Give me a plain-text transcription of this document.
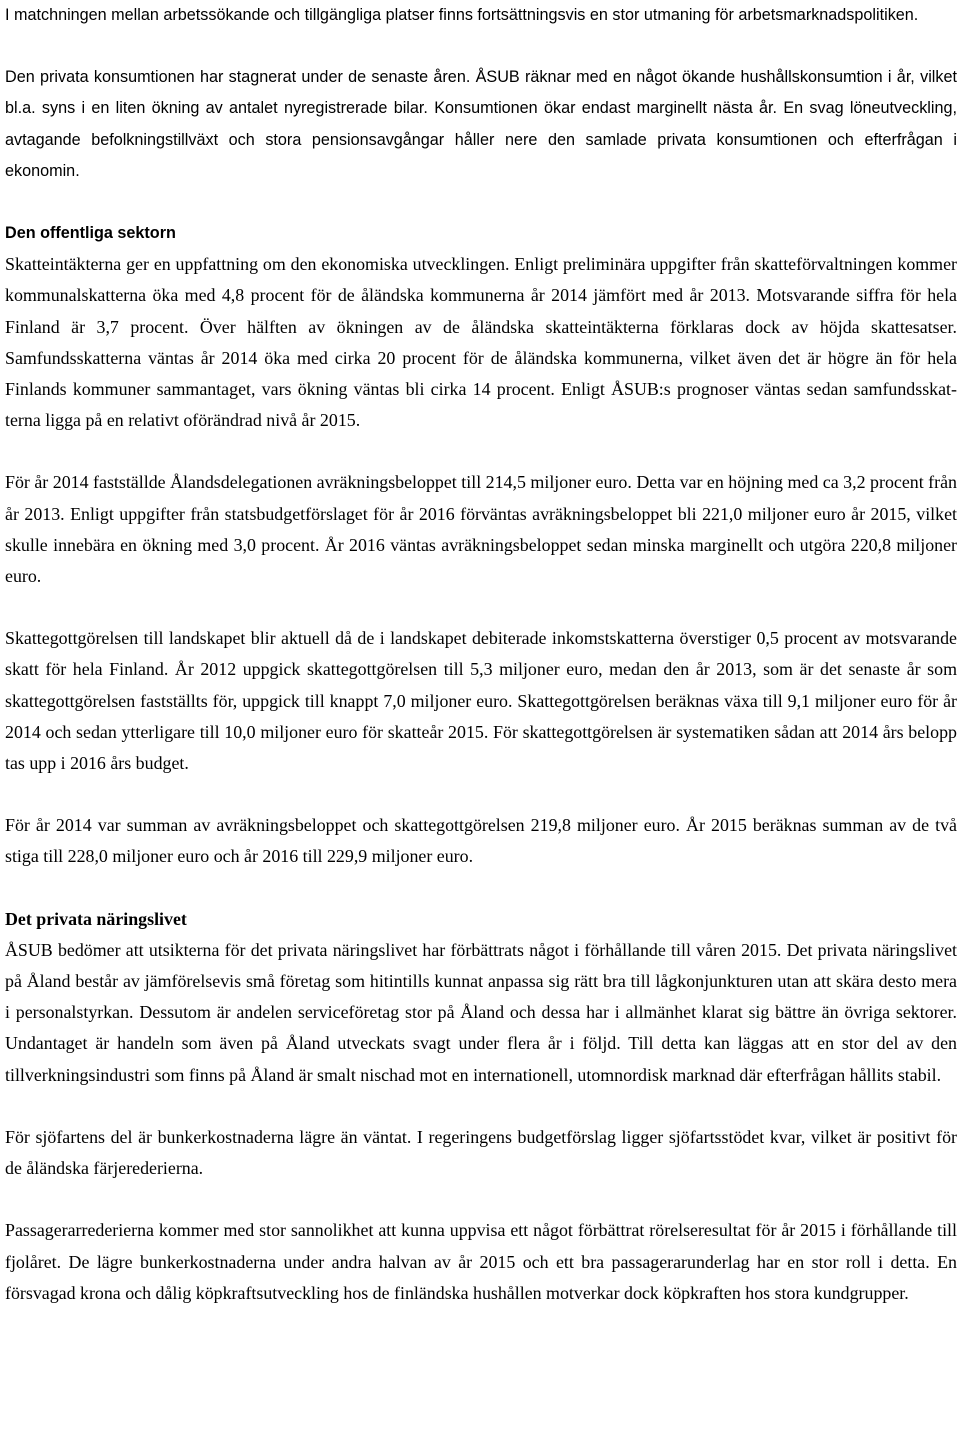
I matchningen mellan arbetssökande och tillgängliga platser finns fortsättningsvis en stor utmaning för arbetsmarknadspolitiken.

Den privata konsumtionen har stagnerat under de senaste åren. ÅSUB räknar med en något ökande hushållskonsumtion i år, vilket bl.a. syns i en liten ökning av antalet nyregistrerade bilar. Konsumtionen ökar endast marginellt nästa år. En svag löneutveckling, avtagande befolkningstillväxt och stora pensionsavgångar håller nere den samlade privata konsumtionen och efterfrågan i ekonomin.

Den offentliga sektorn

Skatteintäkterna ger en uppfattning om den ekonomiska utvecklingen. Enligt preliminära uppgifter från skatteförvaltningen kommer kommunalskatterna öka med 4,8 procent för de åländska kommunerna år 2014 jämfört med år 2013. Motsvarande siffra för hela Finland är 3,7 procent. Över hälften av ökningen av de åländska skatteintäkterna förklaras dock av höjda skattesatser. Samfundsskatterna väntas år 2014 öka med cirka 20 procent för de åländska kommunerna, vilket även det är högre än för hela Finlands kommuner sammantaget, vars ökning väntas bli cirka 14 procent. Enligt ÅSUB:s prognoser väntas sedan samfundsskatterna ligga på en relativt oförändrad nivå år 2015.

För år 2014 fastställde Ålandsdelegationen avräkningsbeloppet till 214,5 miljoner euro. Detta var en höjning med ca 3,2 procent från år 2013. Enligt uppgifter från statsbudgetförslaget för år 2016 förväntas avräkningsbeloppet bli 221,0 miljoner euro år 2015, vilket skulle innebära en ökning med 3,0 procent. År 2016 väntas avräkningsbeloppet sedan minska marginellt och utgöra 220,8 miljoner euro.

Skattegottgörelsen till landskapet blir aktuell då de i landskapet debiterade inkomstskatterna överstiger 0,5 procent av motsvarande skatt för hela Finland. År 2012 uppgick skattegottgörelsen till 5,3 miljoner euro, medan den år 2013, som är det senaste år som skattegottgörelsen fastställts för, uppgick till knappt 7,0 miljoner euro. Skattegottgörelsen beräknas växa till 9,1 miljoner euro för år 2014 och sedan ytterligare till 10,0 miljoner euro för skatteår 2015. För skattegottgörelsen är systematiken sådan att 2014 års belopp tas upp i 2016 års budget.

För år 2014 var summan av avräkningsbeloppet och skattegottgörelsen 219,8 miljoner euro. År 2015 beräknas summan av de två stiga till 228,0 miljoner euro och år 2016 till 229,9 miljoner euro.

Det privata näringslivet

ÅSUB bedömer att utsikterna för det privata näringslivet har förbättrats något i förhållande till våren 2015. Det privata näringslivet på Åland består av jämförelsevis små företag som hitintills kunnat anpassa sig rätt bra till lågkonjunkturen utan att skära desto mera i personalstyrkan. Dessutom är andelen serviceföretag stor på Åland och dessa har i allmänhet klarat sig bättre än övriga sektorer. Undantaget är handeln som även på Åland utveckats svagt under flera år i följd. Till detta kan läggas att en stor del av den tillverkningsindustri som finns på Åland är smalt nischad mot en internationell, utomnordisk marknad där efterfrågan hållits stabil.

För sjöfartens del är bunkerkostnaderna lägre än väntat. I regeringens budgetförslag ligger sjöfartsstödet kvar, vilket är positivt för de åländska färjerederierna.

Passagerarrederierna kommer med stor sannolikhet att kunna uppvisa ett något förbättrat rörelseresultat för år 2015 i förhållande till fjolåret. De lägre bunkerkostnaderna under andra halvan av år 2015 och ett bra passagerarunderlag har en stor roll i detta. En försvagad krona och dålig köpkraftsutveckling hos de finländska hushållen motverkar dock köpkraften hos stora kundgrupper.
